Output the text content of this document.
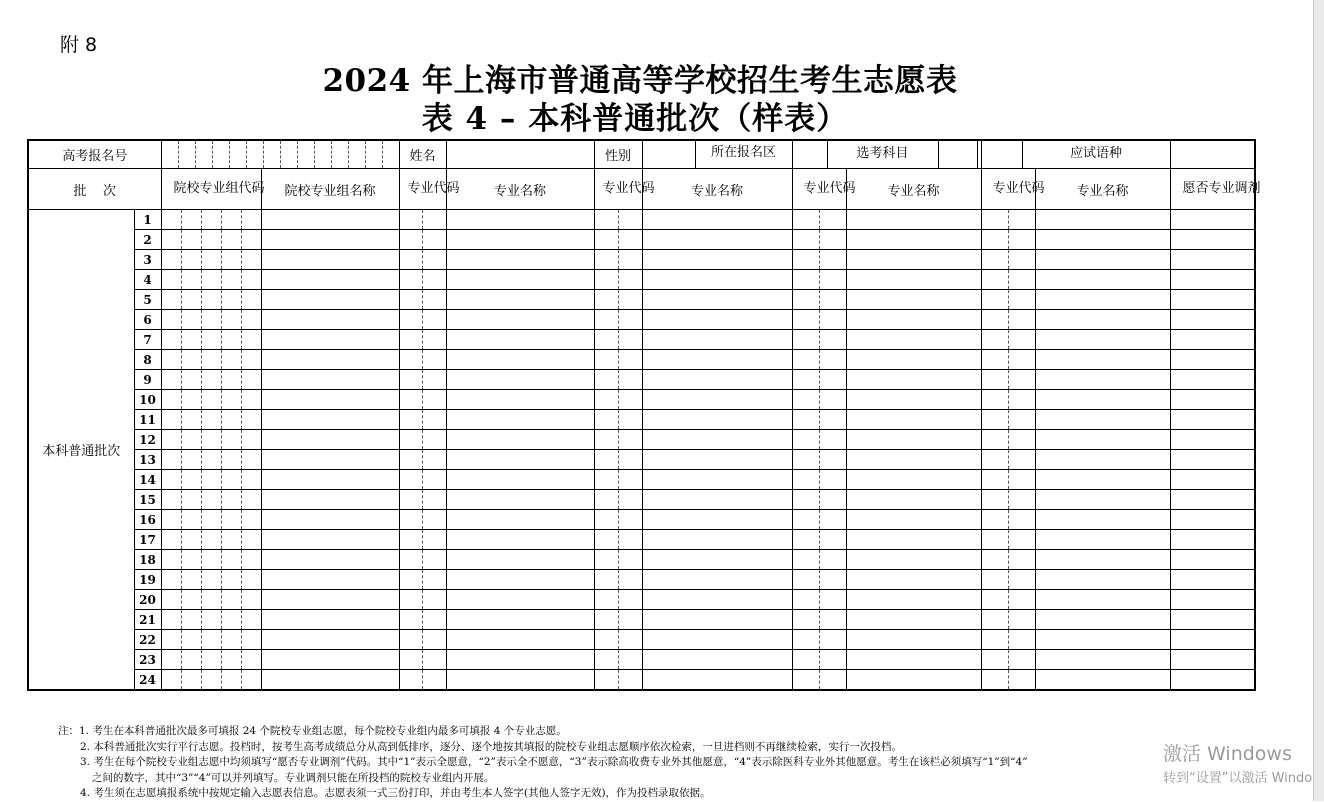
附 8
2024 年上海市普通高等学校招生考生志愿表
表 4 – 本科普通批次（样表）
高考报名号				姓名		性别	所在报名区	选考科目		应试语种		

批    次		院校专业组代码	院校专业组名称	专业代码	专业名称	专业代码	专业名称	专业代码	专业名称	专业代码	专业名称	愿否专业调剂
本科普通批次	1	

	2	

	3	

	4	

	5	

	6	

	7	

	8	

	9	

	10	

	11	

	12	

	13	

	14	

	15	

	16	

	17	

	18	

	19	

	20	

	21	

	22	

	23	

	24	

注：1. 考生在本科普通批次最多可填报 24 个院校专业组志愿，每个院校专业组内最多可填报 4 个专业志愿。

2. 本科普通批次实行平行志愿。投档时，按考生高考成绩总分从高到低排序，逐分、逐个地按其填报的院校专业组志愿顺序依次检索，一旦进档则不再继续检索，实行一次投档。

3. 考生在每个院校专业组志愿中均须填写“愿否专业调剂”代码。其中“1”表示全愿意，“2”表示全不愿意，“3”表示除高收费专业外其他愿意，“4”表示除医科专业外其他愿意。考生在该栏必须填写“1”到“4”

之间的数字，其中“3”“4”可以并列填写。专业调剂只能在所投档的院校专业组内开展。

4. 考生须在志愿填报系统中按规定输入志愿表信息。志愿表须一式三份打印，并由考生本人签字(其他人签字无效)，作为投档录取依据。

激活 Windows
转到“设置”以激活 Windo
